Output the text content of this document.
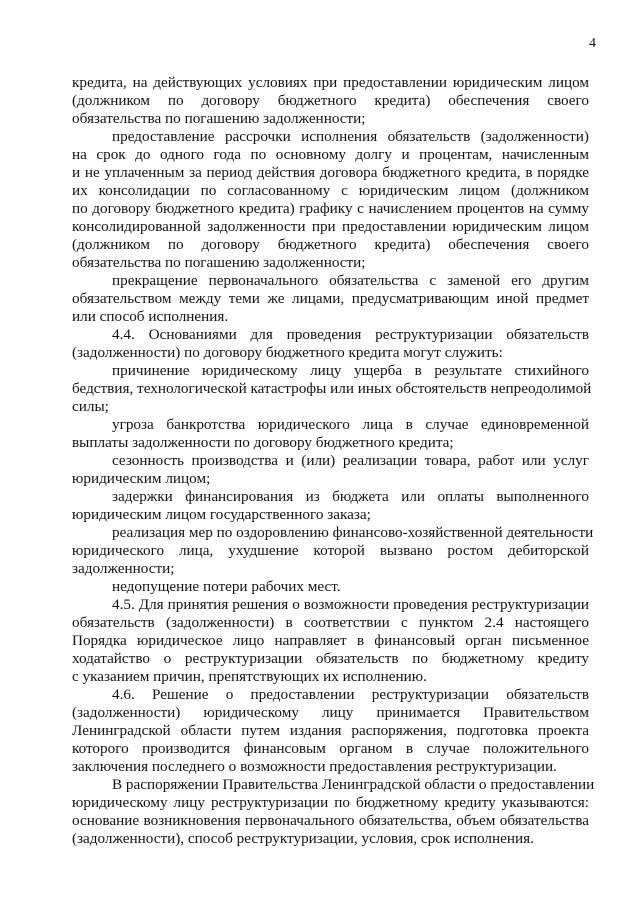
4
кредита, на действующих условиях при предоставлении юридическим лицом
(должником по договору бюджетного кредита) обеспечения своего
обязательства по погашению задолженности;
предоставление рассрочки исполнения обязательств (задолженности)
на срок до одного года по основному долгу и процентам, начисленным
и не уплаченным за период действия договора бюджетного кредита, в порядке
их консолидации по согласованному с юридическим лицом (должником
по договору бюджетного кредита) графику с начислением процентов на сумму
консолидированной задолженности при предоставлении юридическим лицом
(должником по договору бюджетного кредита) обеспечения своего
обязательства по погашению задолженности;
прекращение первоначального обязательства с заменой его другим
обязательством между теми же лицами, предусматривающим иной предмет
или способ исполнения.
4.4. Основаниями для проведения реструктуризации обязательств
(задолженности) по договору бюджетного кредита могут служить:
причинение юридическому лицу ущерба в результате стихийного
бедствия, технологической катастрофы или иных обстоятельств непреодолимой
силы;
угроза банкротства юридического лица в случае единовременной
выплаты задолженности по договору бюджетного кредита;
сезонность производства и (или) реализации товара, работ или услуг
юридическим лицом;
задержки финансирования из бюджета или оплаты выполненного
юридическим лицом государственного заказа;
реализация мер по оздоровлению финансово-хозяйственной деятельности
юридического лица, ухудшение которой вызвано ростом дебиторской
задолженности;
недопущение потери рабочих мест.
4.5. Для принятия решения о возможности проведения реструктуризации
обязательств (задолженности) в соответствии с пунктом 2.4 настоящего
Порядка юридическое лицо направляет в финансовый орган письменное
ходатайство о реструктуризации обязательств по бюджетному кредиту
с указанием причин, препятствующих их исполнению.
4.6. Решение о предоставлении реструктуризации обязательств
(задолженности) юридическому лицу принимается Правительством
Ленинградской области путем издания распоряжения, подготовка проекта
которого производится финансовым органом в случае положительного
заключения последнего о возможности предоставления реструктуризации.
В распоряжении Правительства Ленинградской области о предоставлении
юридическому лицу реструктуризации по бюджетному кредиту указываются:
основание возникновения первоначального обязательства, объем обязательства
(задолженности), способ реструктуризации, условия, срок исполнения.
